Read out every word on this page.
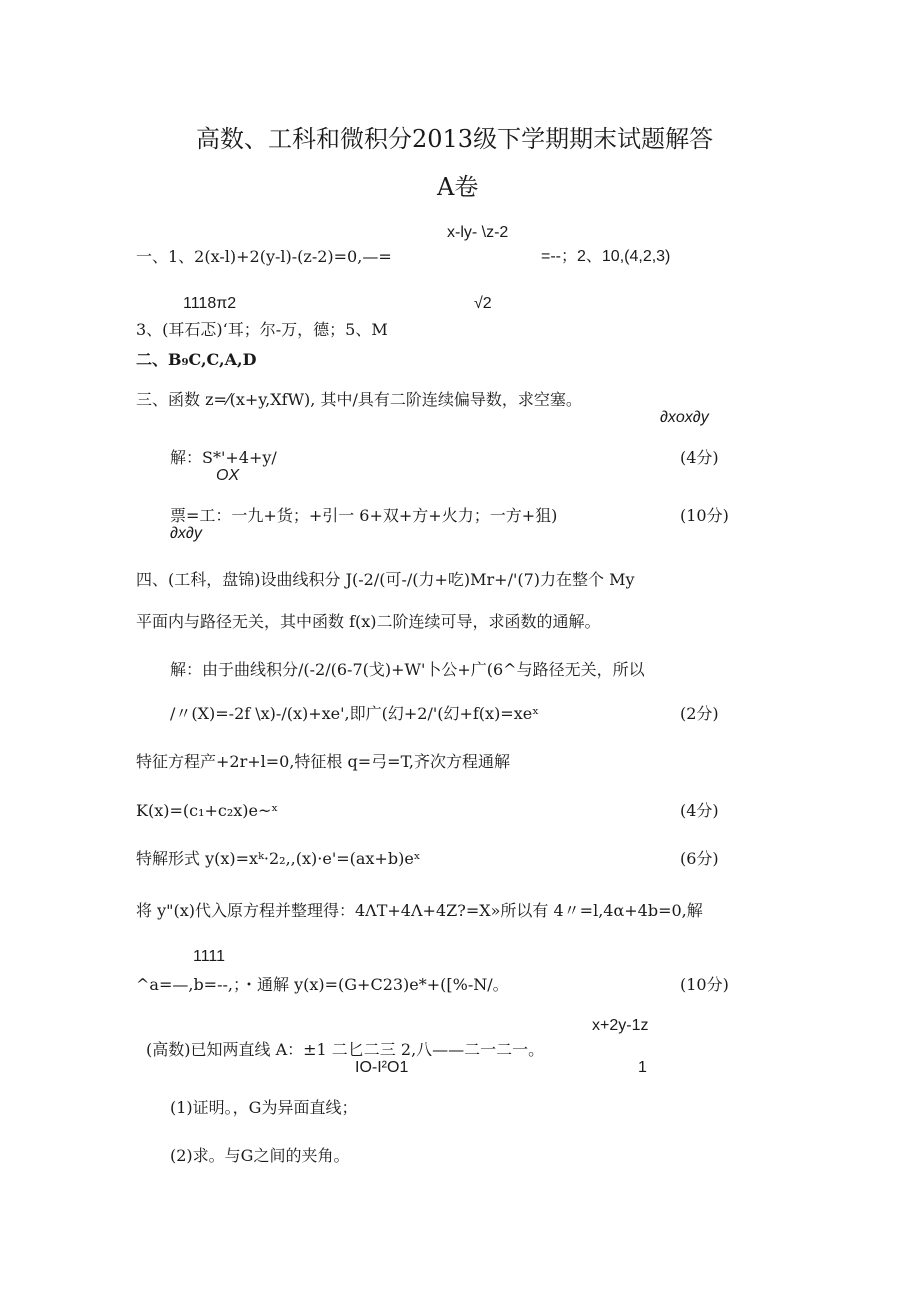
高数、工科和微积分2013级下学期期末试题解答
A卷
x-ly- \z-2
一、1、2(x-l)+2(y-l)-(z-2)=0,—=	=--；2、10,(4,2,3)
1118π2	√2
3、(耳石忑)‘耳；尔-万，德；5、M
二、B₉C,C,A,D
三、函数 z=⁄(x+y,XfW), 其中/具有二阶连续偏导数，求空塞。
∂xox∂y
解：S*'+4+y/	(4分)
OX
票=工：一九+货；+引一 6+双+方+火力；一方+狙)	(10分)
∂x∂y
四、(工科，盘锦)设曲线积分 J(-2/(可-/(力+吃)Mr+/'(7)力在整个 My
平面内与路径无关，其中函数 f(x)二阶连续可导，求函数的通解。
解：由于曲线积分/(-2/(6-7(戈)+W'卜公+广(6^与路径无关，所以
/〃(X)=-2f \x)-/(x)+xe',即广(幻+2/'(幻+f(x)=xeˣ	(2分)
特征方程产+2r+l=0,特征根 q=弓=T,齐次方程通解
K(x)=(c₁+c₂x)e~ˣ	(4分)
特解形式 y(x)=xᵏ·2₂,,(x)·e'=(ax+b)eˣ	(6分)
将 y"(x)代入原方程并整理得：4ΛT+4Λ+4Z?=X»所以有 4〃=l,4α+4b=0,解
1111
^a=—,b=--,；・通解 y(x)=(G+C23)e*+([%-N/。	(10分)
x+2y-1z
(高数)已知两直线 A：±1 二匕二三 2,八——二一二一。
IO-I²O1	1
(1)证明。，G为异面直线；
(2)求。与G之间的夹角。
